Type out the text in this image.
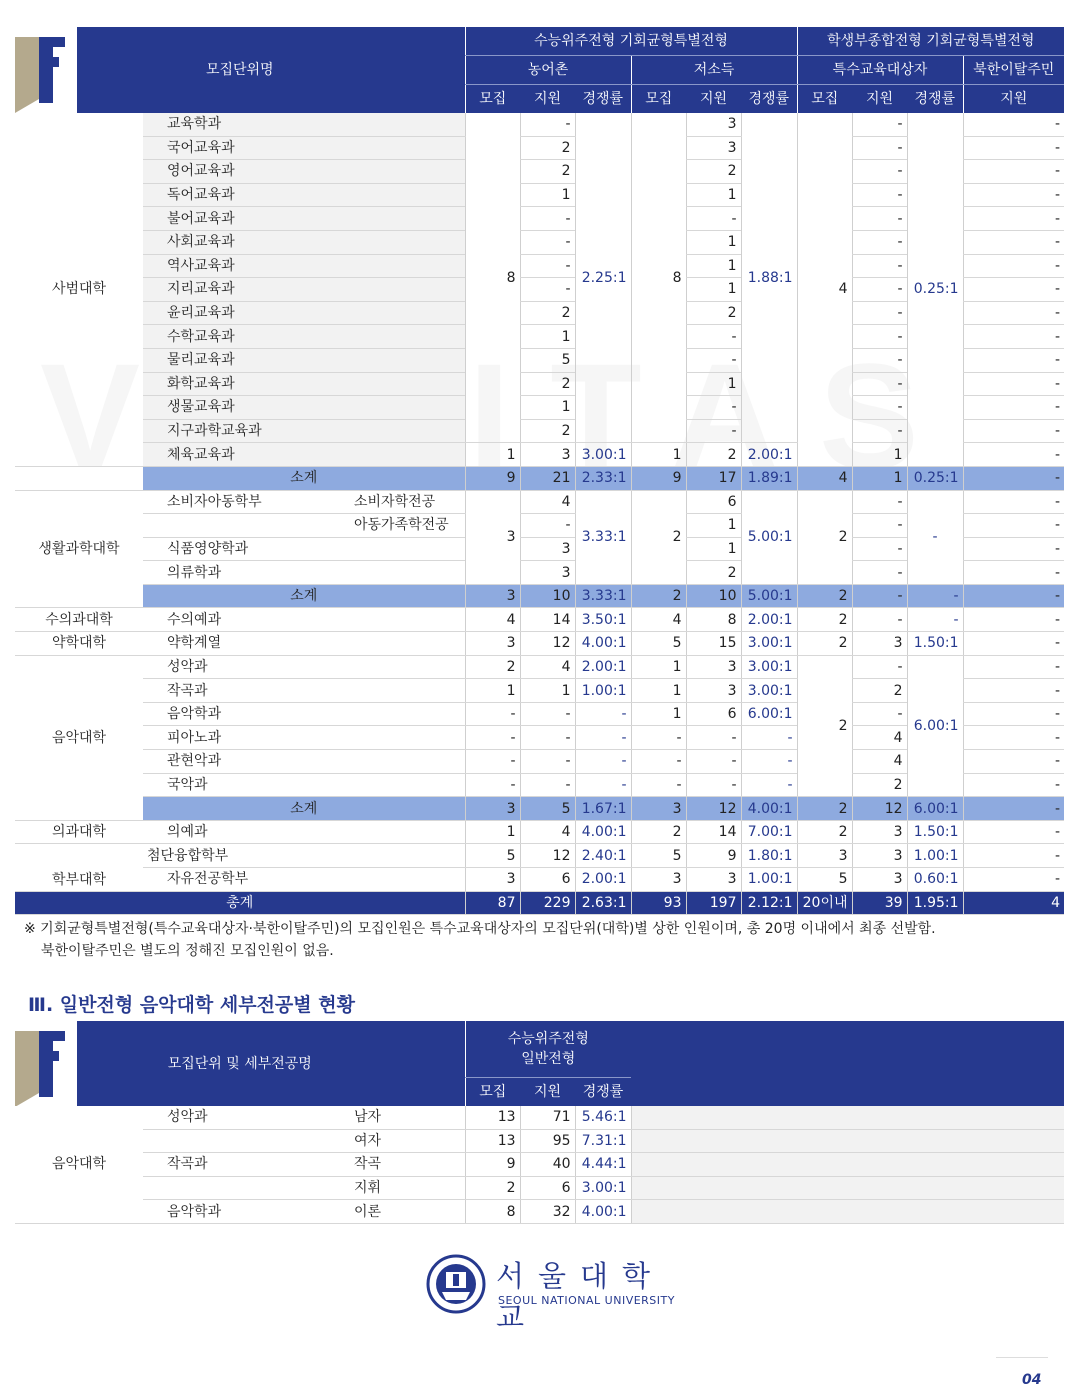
모집단위명			수능위주전형 기회균형특별전형						학생부종합전형 기회균형특별전형			
			농어촌			저소득			특수교육대상자			북한이탈주민
			모집	지원	경쟁률	모집	지원	경쟁률	모집	지원	경쟁률	지원
사범대학	교육학과		8	-	2.25:1	8	3	1.88:1	4	-	0.25:1	-
	국어교육과			2			3			-		-
	영어교육과			2			2			-		-
	독어교육과			1			1			-		-
	불어교육과			-			-			-		-
	사회교육과			-			1			-		-
	역사교육과			-			1			-		-
	지리교육과			-			1			-		-
	윤리교육과			2			2			-		-
	수학교육과			1			-			-		-
	물리교육과			5			-			-		-
	화학교육과			2			1			-		-
	생물교육과			1			-			-		-
	지구과학교육과			2			-			-		-
	체육교육과		1	3	3.00:1	1	2	2.00:1		1		-
	소계		9	21	2.33:1	9	17	1.89:1	4	1	0.25:1	-
생활과학대학	소비자아동학부	소비자학전공	3	4	3.33:1	2	6	5.00:1	2	-	-	-
		아동가족학전공		-			1			-		-
	식품영양학과			3			1			-		-
	의류학과			3			2			-		-
	소계		3	10	3.33:1	2	10	5.00:1	2	-	-	-
수의과대학	수의예과		4	14	3.50:1	4	8	2.00:1	2	-	-	-
약학대학	약학계열		3	12	4.00:1	5	15	3.00:1	2	3	1.50:1	-
음악대학	성악과		2	4	2.00:1	1	3	3.00:1	2	-	6.00:1	-
	작곡과		1	1	1.00:1	1	3	3.00:1		2		-
	음악학과		-	-	-	1	6	6.00:1		-		-
	피아노과		-	-	-	-	-	-		4		-
	관현악과		-	-	-	-	-	-		4		-
	국악과		-	-	-	-	-	-		2		-
	소계		3	5	1.67:1	3	12	4.00:1	2	12	6.00:1	-
의과대학	의예과		1	4	4.00:1	2	14	7.00:1	2	3	1.50:1	-
학부대학	첨단융합학부		5	12	2.40:1	5	9	1.80:1	3	3	1.00:1	-
	자유전공학부		3	6	2.00:1	3	3	1.00:1	5	3	0.60:1	-
총계			87	229	2.63:1	93	197	2.12:1	20이내	39	1.95:1	4
※ 기회균형특별전형(특수교육대상자·북한이탈주민)의 모집인원은 특수교육대상자의 모집단위(대학)별 상한 인원이며, 총 20명 이내에서 최종 선발함.
북한이탈주민은 별도의 정해진 모집인원이 없음.
Ⅲ. 일반전형 음악대학 세부전공별 현황
모집단위 및 세부전공명			수능위주전형
일반전형			

			모집	지원	경쟁률	
음악대학	성악과	남자	13	71	5.46:1	
		여자	13	95	7.31:1	
	작곡과	작곡	9	40	4.44:1	
		지휘	2	6	3.00:1	
	음악학과	이론	8	32	4.00:1	
서울대학교
SEOUL NATIONAL UNIVERSITY
04
